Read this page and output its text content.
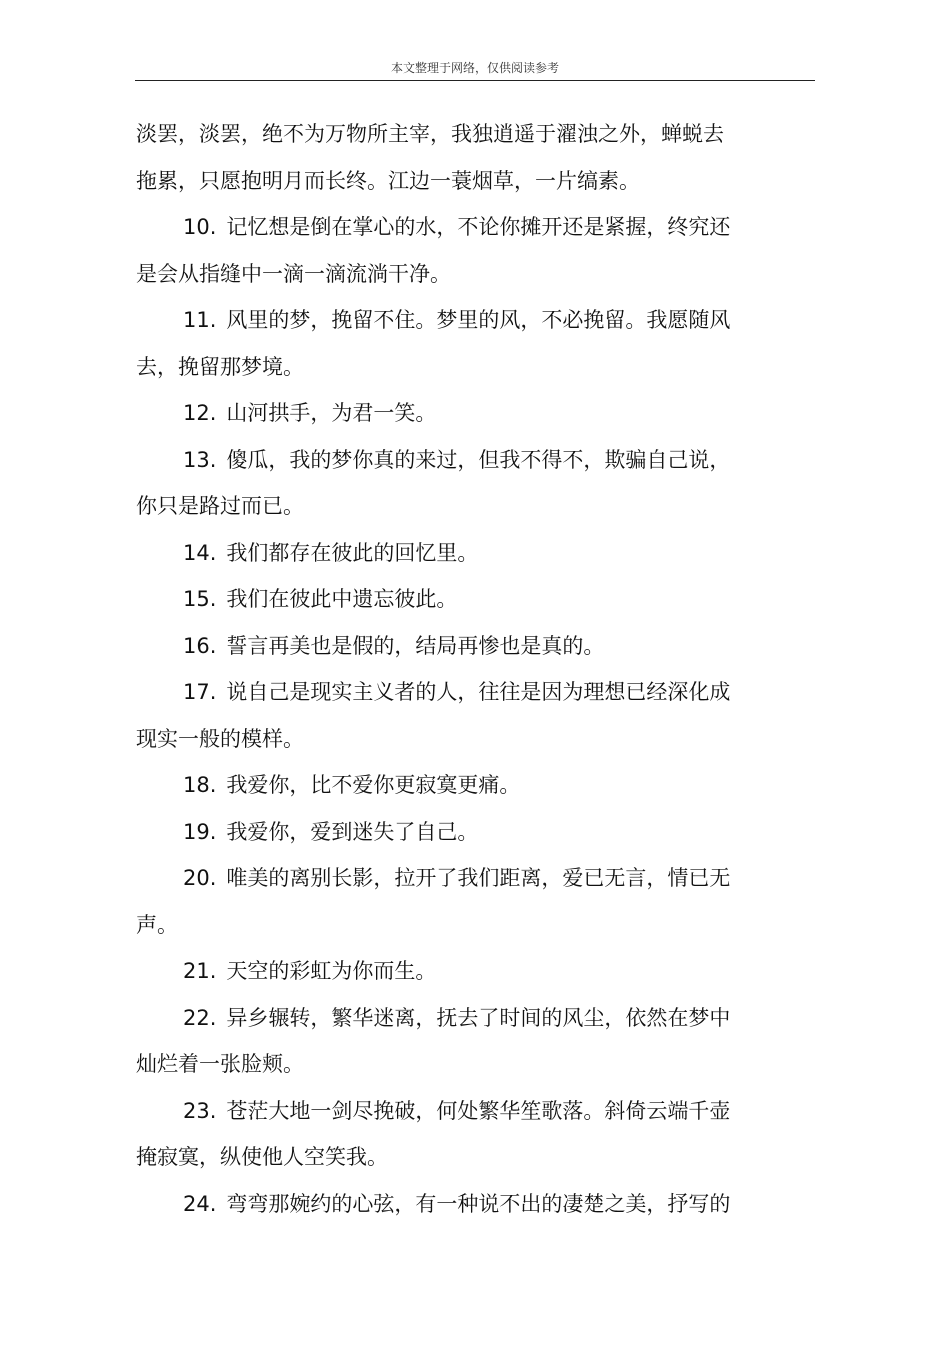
本文整理于网络，仅供阅读参考
淡罢，淡罢，绝不为万物所主宰，我独逍遥于濯浊之外，蝉蜕去
拖累，只愿抱明月而长终。江边一蓑烟草，一片缟素。
10. 记忆想是倒在掌心的水，不论你摊开还是紧握，终究还
是会从指缝中一滴一滴流淌干净。
11. 风里的梦，挽留不住。梦里的风，不必挽留。我愿随风
去，挽留那梦境。
12. 山河拱手，为君一笑。
13. 傻瓜，我的梦你真的来过，但我不得不，欺骗自己说，
你只是路过而已。
14. 我们都存在彼此的回忆里。
15. 我们在彼此中遗忘彼此。
16. 誓言再美也是假的，结局再惨也是真的。
17. 说自己是现实主义者的人，往往是因为理想已经深化成
现实一般的模样。
18. 我爱你，比不爱你更寂寞更痛。
19. 我爱你，爱到迷失了自己。
20. 唯美的离别长影，拉开了我们距离，爱已无言，情已无
声。
21. 天空的彩虹为你而生。
22. 异乡辗转，繁华迷离，抚去了时间的风尘，依然在梦中
灿烂着一张脸颊。
23. 苍茫大地一剑尽挽破，何处繁华笙歌落。斜倚云端千壶
掩寂寞，纵使他人空笑我。
24. 弯弯那婉约的心弦，有一种说不出的凄楚之美，抒写的
